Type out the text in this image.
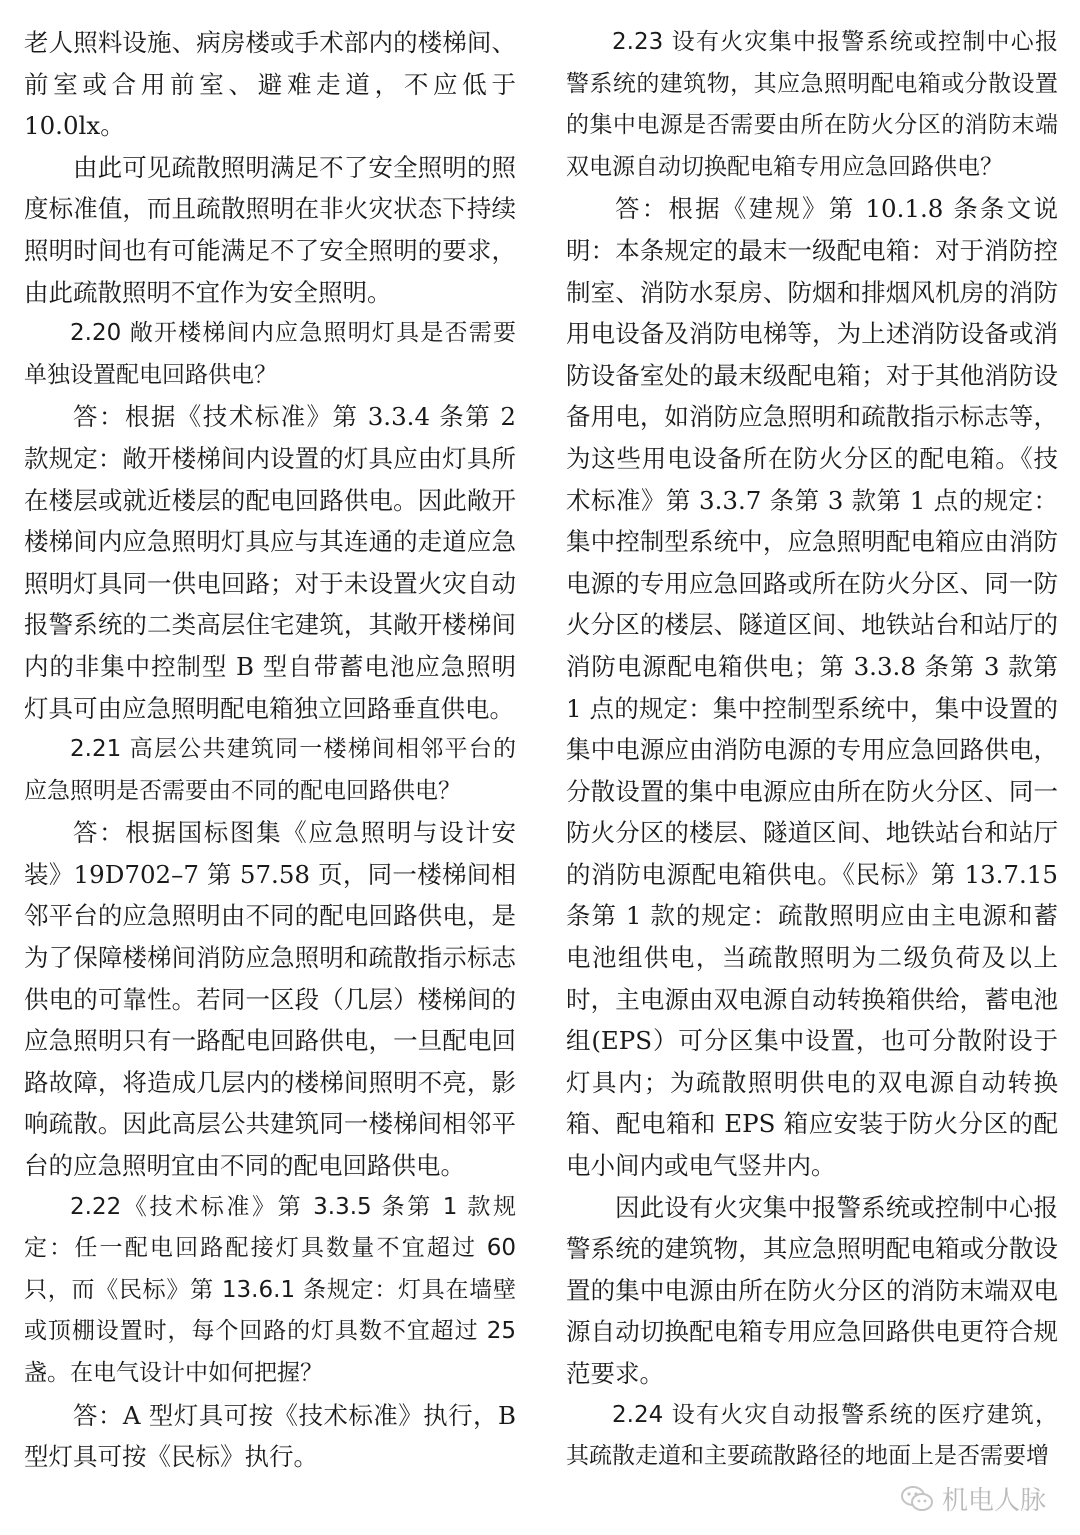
老人照料设施、病房楼或手术部内的楼梯间、前室或合用前室、避难走道，不应低于 10.0lx。

由此可见疏散照明满足不了安全照明的照度标准值，而且疏散照明在非火灾状态下持续照明时间也有可能满足不了安全照明的要求，由此疏散照明不宜作为安全照明。

2.20 敞开楼梯间内应急照明灯具是否需要单独设置配电回路供电？

答：根据《技术标准》第 3.3.4 条第 2 款规定：敞开楼梯间内设置的灯具应由灯具所在楼层或就近楼层的配电回路供电。因此敞开楼梯间内应急照明灯具应与其连通的走道应急照明灯具同一供电回路；对于未设置火灾自动报警系统的二类高层住宅建筑，其敞开楼梯间内的非集中控制型 B 型自带蓄电池应急照明灯具可由应急照明配电箱独立回路垂直供电。

2.21 高层公共建筑同一楼梯间相邻平台的应急照明是否需要由不同的配电回路供电？

答：根据国标图集《应急照明与设计安装》19D702–7 第 57.58 页，同一楼梯间相邻平台的应急照明由不同的配电回路供电，是为了保障楼梯间消防应急照明和疏散指示标志供电的可靠性。若同一区段（几层）楼梯间的应急照明只有一路配电回路供电，一旦配电回路故障，将造成几层内的楼梯间照明不亮，影响疏散。因此高层公共建筑同一楼梯间相邻平台的应急照明宜由不同的配电回路供电。

2.22《技术标准》第 3.3.5 条第 1 款规定：任一配电回路配接灯具数量不宜超过 60 只，而《民标》第 13.6.1 条规定：灯具在墙壁或顶棚设置时，每个回路的灯具数不宜超过 25 盏。在电气设计中如何把握？

答：A 型灯具可按《技术标准》执行，B 型灯具可按《民标》执行。

2.23 设有火灾集中报警系统或控制中心报警系统的建筑物，其应急照明配电箱或分散设置的集中电源是否需要由所在防火分区的消防末端双电源自动切换配电箱专用应急回路供电？

答：根据《建规》第 10.1.8 条条文说明：本条规定的最末一级配电箱：对于消防控制室、消防水泵房、防烟和排烟风机房的消防用电设备及消防电梯等，为上述消防设备或消防设备室处的最末级配电箱；对于其他消防设备用电，如消防应急照明和疏散指示标志等，为这些用电设备所在防火分区的配电箱。《技术标准》第 3.3.7 条第 3 款第 1 点的规定：集中控制型系统中，应急照明配电箱应由消防电源的专用应急回路或所在防火分区、同一防火分区的楼层、隧道区间、地铁站台和站厅的消防电源配电箱供电；第 3.3.8 条第 3 款第 1 点的规定：集中控制型系统中，集中设置的集中电源应由消防电源的专用应急回路供电，分散设置的集中电源应由所在防火分区、同一防火分区的楼层、隧道区间、地铁站台和站厅的消防电源配电箱供电。《民标》第 13.7.15 条第 1 款的规定：疏散照明应由主电源和蓄电池组供电，当疏散照明为二级负荷及以上时，主电源由双电源自动转换箱供给，蓄电池组(EPS）可分区集中设置，也可分散附设于灯具内；为疏散照明供电的双电源自动转换箱、配电箱和 EPS 箱应安装于防火分区的配电小间内或电气竖井内。

因此设有火灾集中报警系统或控制中心报警系统的建筑物，其应急照明配电箱或分散设置的集中电源由所在防火分区的消防末端双电源自动切换配电箱专用应急回路供电更符合规范要求。

2.24 设有火灾自动报警系统的医疗建筑，其疏散走道和主要疏散路径的地面上是否需要增

机电人脉
